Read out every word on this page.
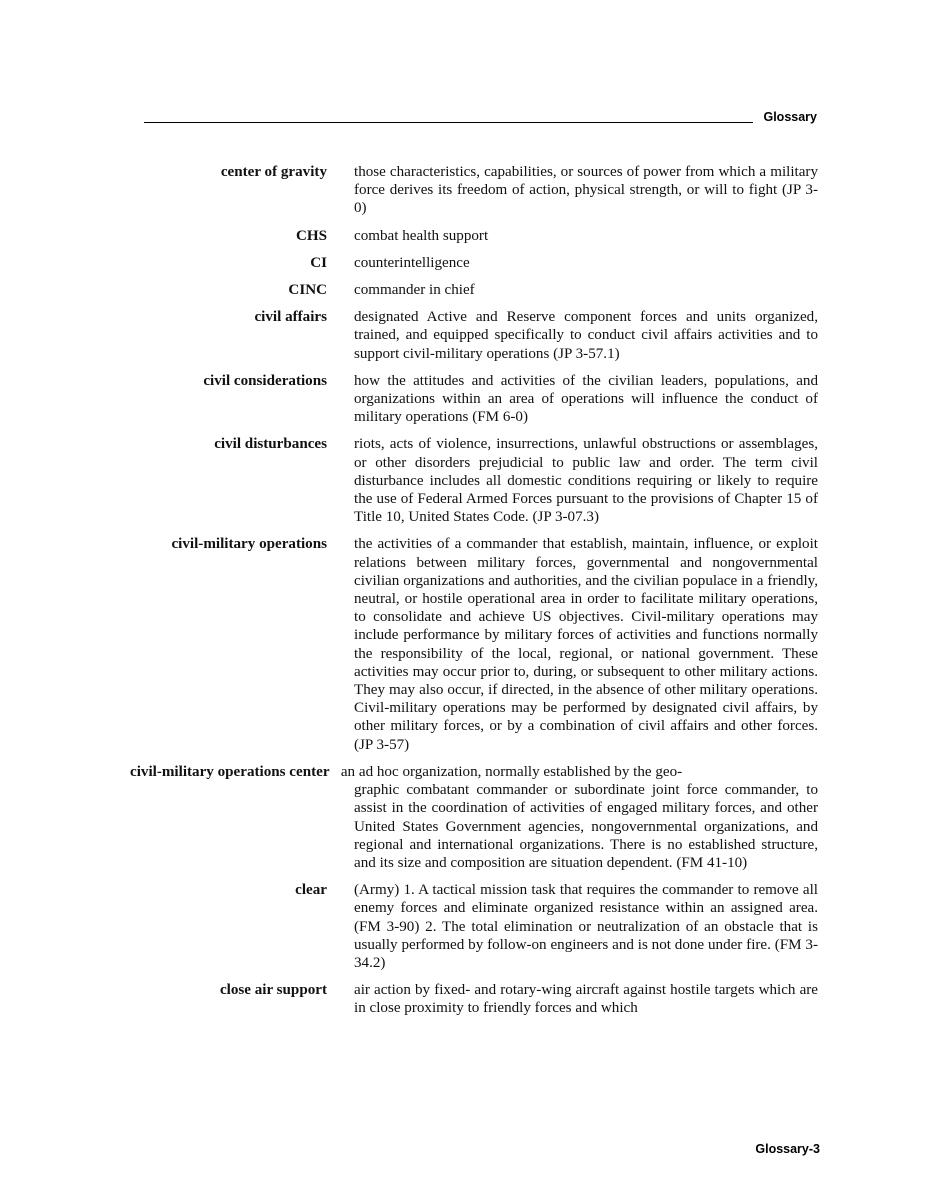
Glossary
center of gravity those characteristics, capabilities, or sources of power from which a military force derives its freedom of action, physical strength, or will to fight (JP 3-0)
CHS combat health support
CI counterintelligence
CINC commander in chief
civil affairs designated Active and Reserve component forces and units organized, trained, and equipped specifically to conduct civil affairs activities and to support civil-military operations (JP 3-57.1)
civil considerations how the attitudes and activities of the civilian leaders, populations, and organizations within an area of operations will influence the conduct of military operations (FM 6-0)
civil disturbances riots, acts of violence, insurrections, unlawful obstructions or assemblages, or other disorders prejudicial to public law and order. The term civil disturbance includes all domestic conditions requiring or likely to require the use of Federal Armed Forces pursuant to the provisions of Chapter 15 of Title 10, United States Code. (JP 3-07.3)
civil-military operations the activities of a commander that establish, maintain, influence, or exploit relations between military forces, governmental and nongovernmental civilian organizations and authorities, and the civilian populace in a friendly, neutral, or hostile operational area in order to facilitate military operations, to consolidate and achieve US objectives. Civil-military operations may include performance by military forces of activities and functions normally the responsibility of the local, regional, or national government. These activities may occur prior to, during, or subsequent to other military actions. They may also occur, if directed, in the absence of other military operations. Civil-military operations may be performed by designated civil affairs, by other military forces, or by a combination of civil affairs and other forces. (JP 3-57)
civil-military operations center an ad hoc organization, normally established by the geo-
graphic combatant commander or subordinate joint force commander, to assist in the coordination of activities of engaged military forces, and other United States Government agencies, nongovernmental organizations, and regional and international organizations. There is no established structure, and its size and composition are situation dependent. (FM 41-10)
clear (Army) 1. A tactical mission task that requires the commander to remove all enemy forces and eliminate organized resistance within an assigned area. (FM 3-90) 2. The total elimination or neutralization of an obstacle that is usually performed by follow-on engineers and is not done under fire. (FM 3-34.2)
close air support air action by fixed- and rotary-wing aircraft against hostile targets which are in close proximity to friendly forces and which
Glossary-3
